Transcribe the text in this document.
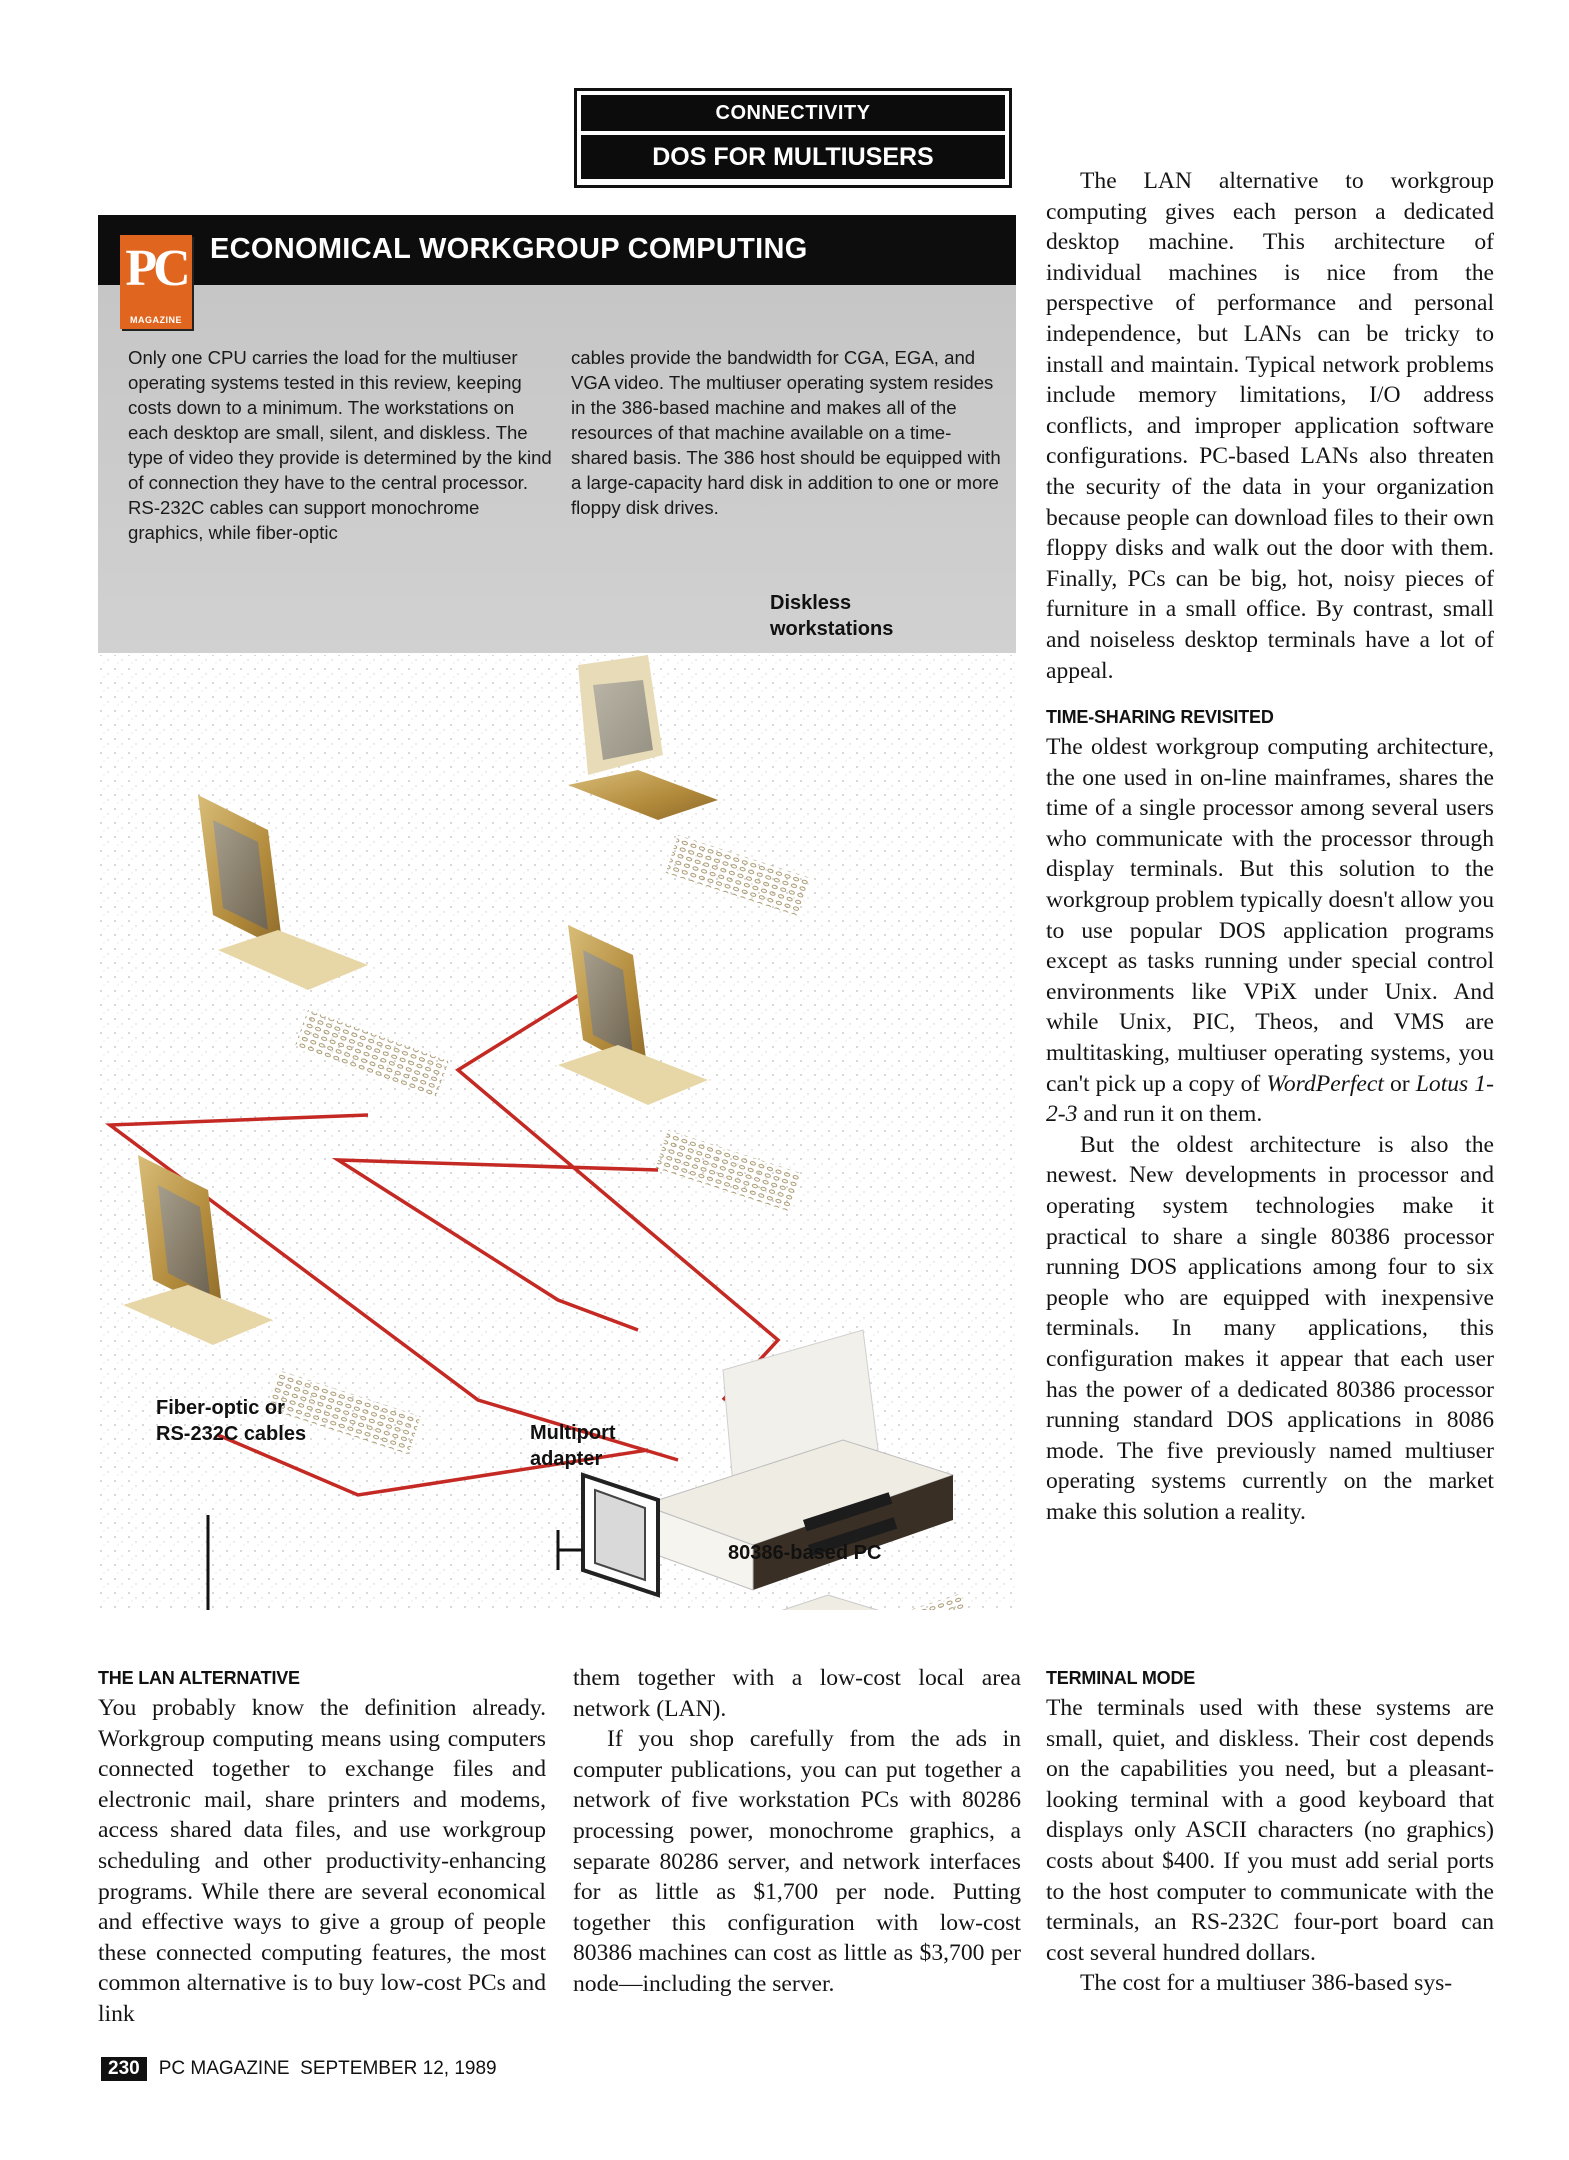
CONNECTIVITY
DOS FOR MULTIUSERS
ECONOMICAL WORKGROUP COMPUTING
PC
MAGAZINE
Only one CPU carries the load for the multiuser operating systems tested in this review, keeping costs down to a minimum. The workstations on each desktop are small, silent, and diskless. The type of video they provide is determined by the kind of connection they have to the central processor. RS-232C cables can support monochrome graphics, while fiber-optic
cables provide the bandwidth for CGA, EGA, and VGA video. The multiuser operating system resides in the 386-based machine and makes all of the resources of that machine available on a time-shared basis. The 386 host should be equipped with a large-capacity hard disk in addition to one or more floppy disk drives.
Diskless
workstations
Fiber-optic or
RS-232C cables	Multiport
adapter
80386-based PC

The LAN alternative to workgroup computing gives each person a dedicated desktop machine. This architecture of individual machines is nice from the perspective of performance and personal independence, but LANs can be tricky to install and maintain. Typical network problems include memory limitations, I/O address conflicts, and improper application software configurations. PC-based LANs also threaten the security of the data in your organization because people can download files to their own floppy disks and walk out the door with them. Finally, PCs can be big, hot, noisy pieces of furniture in a small office. By contrast, small and noiseless desktop terminals have a lot of appeal.

TIME-SHARING REVISITED

The oldest workgroup computing architecture, the one used in on-line mainframes, shares the time of a single processor among several users who communicate with the processor through display terminals. But this solution to the workgroup problem typically doesn't allow you to use popular DOS application programs except as tasks running under special control environments like VPiX under Unix. And while Unix, PIC, Theos, and VMS are multitasking, multiuser operating systems, you can't pick up a copy of WordPerfect or Lotus 1-2-3 and run it on them.

But the oldest architecture is also the newest. New developments in processor and operating system technologies make it practical to share a single 80386 processor running DOS applications among four to six people who are equipped with inexpensive terminals. In many applications, this configuration makes it appear that each user has the power of a dedicated 80386 processor running standard DOS applications in 8086 mode. The five previously named multiuser operating systems currently on the market make this solution a reality.

THE LAN ALTERNATIVE

You probably know the definition already. Workgroup computing means using computers connected together to exchange files and electronic mail, share printers and modems, access shared data files, and use workgroup scheduling and other productivity-enhancing programs. While there are several economical and effective ways to give a group of people these connected computing features, the most common alternative is to buy low-cost PCs and link

them together with a low-cost local area network (LAN).

If you shop carefully from the ads in computer publications, you can put together a network of five workstation PCs with 80286 processing power, monochrome graphics, a separate 80286 server, and network interfaces for as little as $1,700 per node. Putting together this configuration with low-cost 80386 machines can cost as little as $3,700 per node—including the server.

TERMINAL MODE

The terminals used with these systems are small, quiet, and diskless. Their cost depends on the capabilities you need, but a pleasant-looking terminal with a good keyboard that displays only ASCII characters (no graphics) costs about $400. If you must add serial ports to the host computer to communicate with the terminals, an RS-232C four-port board can cost several hundred dollars.

The cost for a multiuser 386-based sys-

230 PC MAGAZINE  SEPTEMBER 12, 1989
